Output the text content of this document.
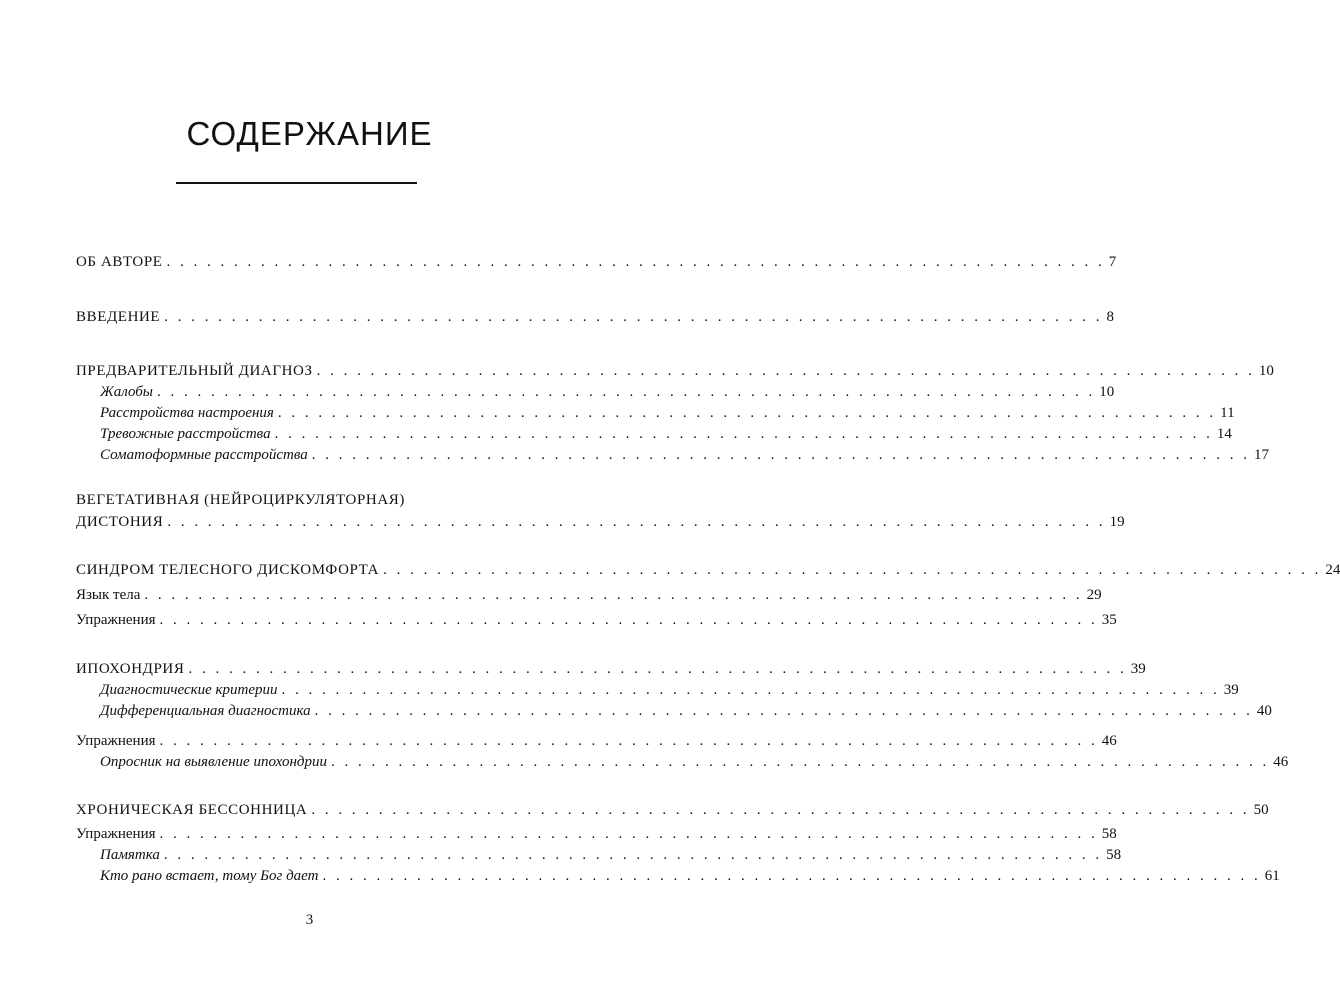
СОДЕРЖАНИЕ
ОБ АВТОРЕ . . . . . . . . . . . . . . . . . . . . . . . . . . . . . . . . . . . . . . . . . . . . . . . . . . . . . . . . . . . . . . . . . . . . . . 7
ВВЕДЕНИЕ . . . . . . . . . . . . . . . . . . . . . . . . . . . . . . . . . . . . . . . . . . . . . . . . . . . . . . . . . . . . . . . . . . . . . . 8
ПРЕДВАРИТЕЛЬНЫЙ ДИАГНОЗ . . . . . . . . . . . . . . . . . . . . . . . . . . . . . . . . . . . . . . . . . . . . . . . . . . . . . . . . . . . . . . . . . . . . . . 10
Жалобы . . . . . . . . . . . . . . . . . . . . . . . . . . . . . . . . . . . . . . . . . . . . . . . . . . . . . . . . . . . . . . . . . . . . . . 10
Расстройства настроения . . . . . . . . . . . . . . . . . . . . . . . . . . . . . . . . . . . . . . . . . . . . . . . . . . . . . . . . . . . . . . . . . . . . . . 11
Тревожные расстройства . . . . . . . . . . . . . . . . . . . . . . . . . . . . . . . . . . . . . . . . . . . . . . . . . . . . . . . . . . . . . . . . . . . . . . 14
Соматоформные расстройства . . . . . . . . . . . . . . . . . . . . . . . . . . . . . . . . . . . . . . . . . . . . . . . . . . . . . . . . . . . . . . . . . . . . . . 17
ВЕГЕТАТИВНАЯ (НЕЙРОЦИРКУЛЯТОРНАЯ)
ДИСТОНИЯ . . . . . . . . . . . . . . . . . . . . . . . . . . . . . . . . . . . . . . . . . . . . . . . . . . . . . . . . . . . . . . . . . . . . . . 19
СИНДРОМ ТЕЛЕСНОГО ДИСКОМФОРТА . . . . . . . . . . . . . . . . . . . . . . . . . . . . . . . . . . . . . . . . . . . . . . . . . . . . . . . . . . . . . . . . . . . . . . 24
Язык тела . . . . . . . . . . . . . . . . . . . . . . . . . . . . . . . . . . . . . . . . . . . . . . . . . . . . . . . . . . . . . . . . . . . . . . 29
Упражнения . . . . . . . . . . . . . . . . . . . . . . . . . . . . . . . . . . . . . . . . . . . . . . . . . . . . . . . . . . . . . . . . . . . . . . 35
ИПОХОНДРИЯ . . . . . . . . . . . . . . . . . . . . . . . . . . . . . . . . . . . . . . . . . . . . . . . . . . . . . . . . . . . . . . . . . . . . . . 39
Диагностические критерии . . . . . . . . . . . . . . . . . . . . . . . . . . . . . . . . . . . . . . . . . . . . . . . . . . . . . . . . . . . . . . . . . . . . . . 39
Дифференциальная диагностика . . . . . . . . . . . . . . . . . . . . . . . . . . . . . . . . . . . . . . . . . . . . . . . . . . . . . . . . . . . . . . . . . . . . . . 40
Упражнения . . . . . . . . . . . . . . . . . . . . . . . . . . . . . . . . . . . . . . . . . . . . . . . . . . . . . . . . . . . . . . . . . . . . . . 46
Опросник на выявление ипохондрии . . . . . . . . . . . . . . . . . . . . . . . . . . . . . . . . . . . . . . . . . . . . . . . . . . . . . . . . . . . . . . . . . . . . . . 46
ХРОНИЧЕСКАЯ БЕССОННИЦА . . . . . . . . . . . . . . . . . . . . . . . . . . . . . . . . . . . . . . . . . . . . . . . . . . . . . . . . . . . . . . . . . . . . . . 50
Упражнения . . . . . . . . . . . . . . . . . . . . . . . . . . . . . . . . . . . . . . . . . . . . . . . . . . . . . . . . . . . . . . . . . . . . . . 58
Памятка . . . . . . . . . . . . . . . . . . . . . . . . . . . . . . . . . . . . . . . . . . . . . . . . . . . . . . . . . . . . . . . . . . . . . . 58
Кто рано встает, тому Бог дает . . . . . . . . . . . . . . . . . . . . . . . . . . . . . . . . . . . . . . . . . . . . . . . . . . . . . . . . . . . . . . . . . . . . . . 61
3
